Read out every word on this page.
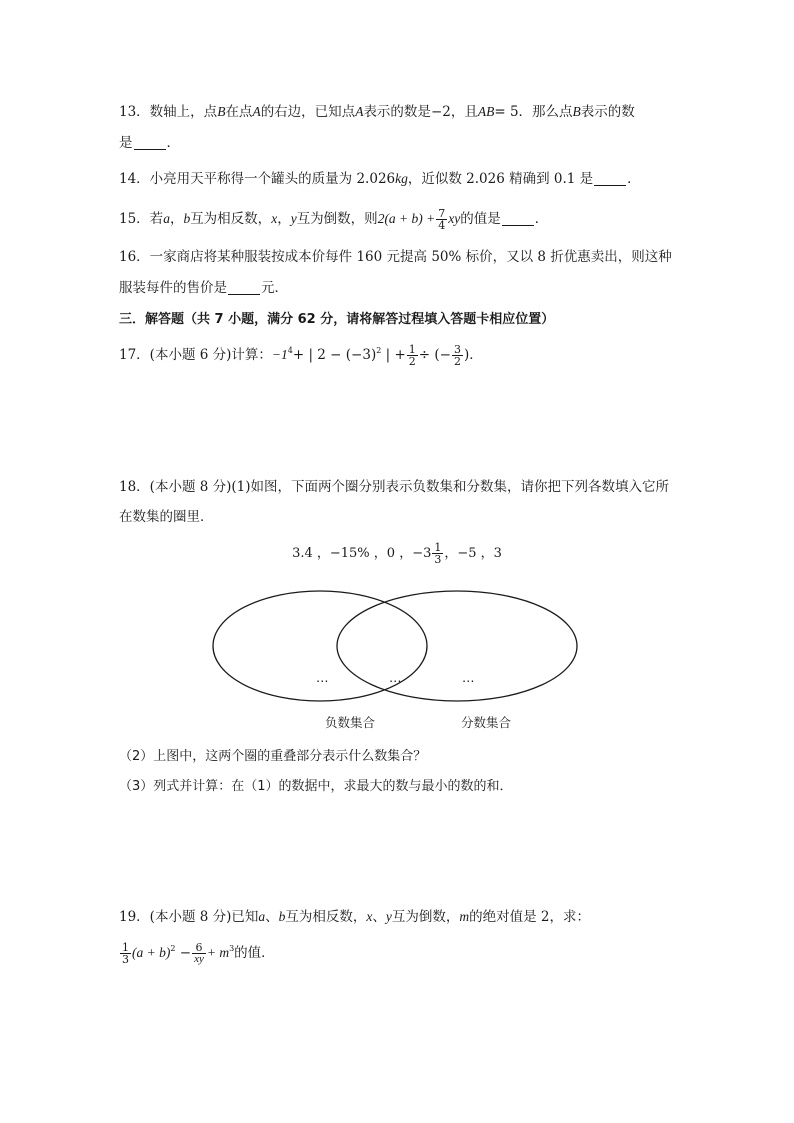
13．数轴上，点B在点A的右边，已知点A表示的数是−2，且AB= 5．那么点B表示的数
是	．
14．小亮用天平称得一个罐头的质量为 2.026kg，近似数 2.026 精确到 0.1 是	．
15．若a，b互为相反数，x，y互为倒数，则$2(a + b) + \frac{7}{4}$ xy的值是	．
16．一家商店将某种服装按成本价每件 160 元提高 50% 标价，又以 8 折优惠卖出，则这种
服装每件的售价是	元．
三．解答题（共 7 小题，满分 62 分，请将解答过程填入答题卡相应位置）
17．(本小题 6 分)计算：$-1^4+$ | $2 - (-3)^2$ | + $\frac{1}{2}$ ÷ (− $\frac{3}{2}$ )．
18．(本小题 8 分)(1)如图，下面两个圈分别表示负数集和分数集，请你把下列各数填入它所
在数集的圈里．
3.4 ，−15% ，0 ，$-3 \frac{1}{3}$ ，−5 ，3
…	…	…
负数集合	分数集合
（2）上图中，这两个圈的重叠部分表示什么数集合？
（3）列式并计算：在（1）的数据中，求最大的数与最小的数的和．
19．(本小题 8 分)已知a、b互为相反数，x、y互为倒数，m的绝对值是 2，求：
$\frac{1}{3} (a + b)^2 - \frac{6}{xy} + m^3$的值．
